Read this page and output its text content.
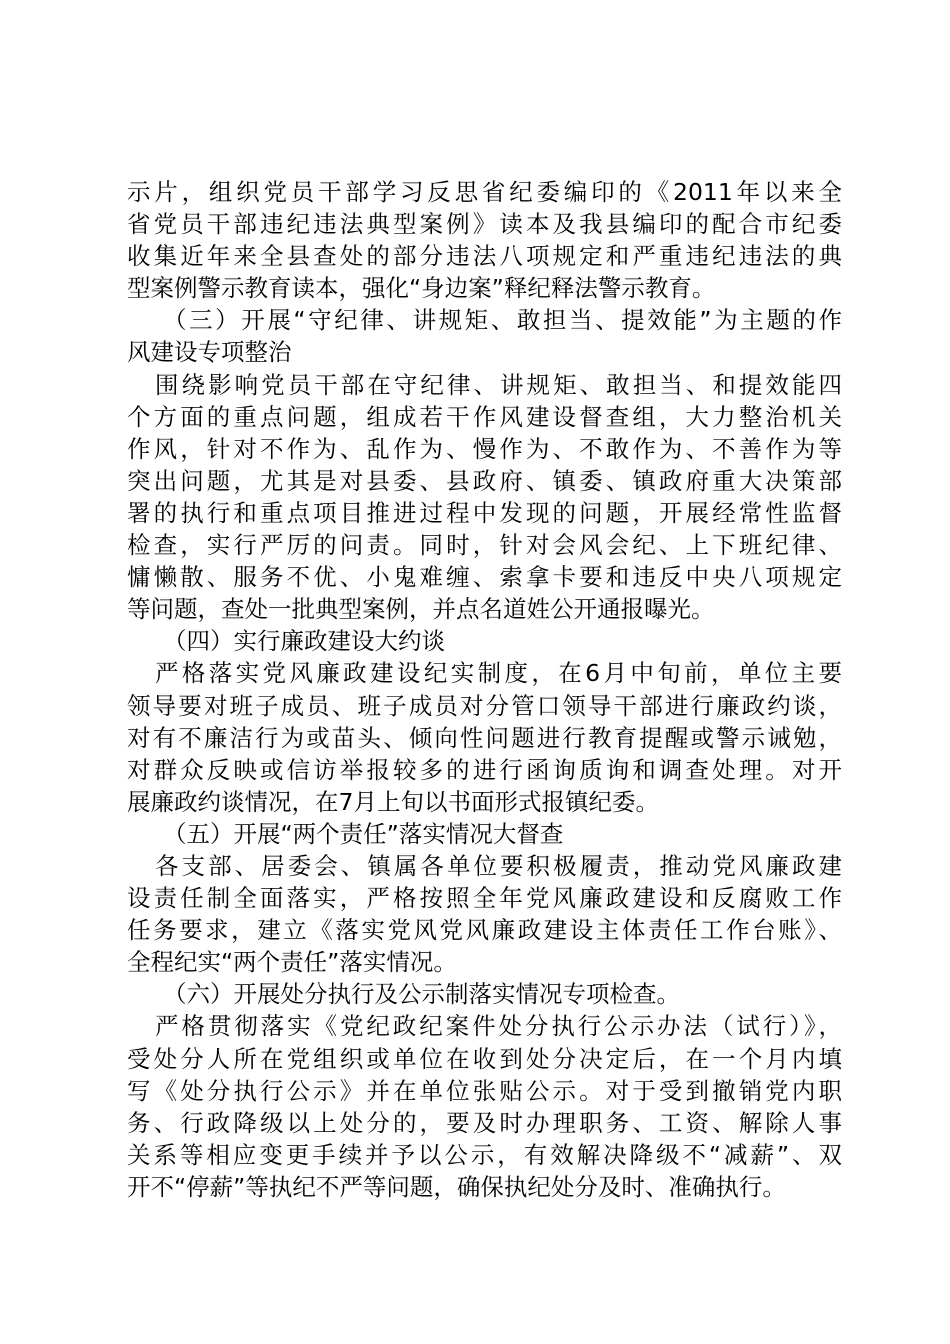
示片，组织党员干部学习反思省纪委编印的《2011年以来全
省党员干部违纪违法典型案例》读本及我县编印的配合市纪委
收集近年来全县查处的部分违法八项规定和严重违纪违法的典
型案例警示教育读本，强化“身边案”释纪释法警示教育。
（三）开展“守纪律、讲规矩、敢担当、提效能”为主题的作
风建设专项整治
围绕影响党员干部在守纪律、讲规矩、敢担当、和提效能四
个方面的重点问题，组成若干作风建设督查组，大力整治机关
作风，针对不作为、乱作为、慢作为、不敢作为、不善作为等
突出问题，尤其是对县委、县政府、镇委、镇政府重大决策部
署的执行和重点项目推进过程中发现的问题，开展经常性监督
检查，实行严厉的问责。同时，针对会风会纪、上下班纪律、
慵懒散、服务不优、小鬼难缠、索拿卡要和违反中央八项规定
等问题，查处一批典型案例，并点名道姓公开通报曝光。
（四）实行廉政建设大约谈
严格落实党风廉政建设纪实制度，在6月中旬前，单位主要
领导要对班子成员、班子成员对分管口领导干部进行廉政约谈，
对有不廉洁行为或苗头、倾向性问题进行教育提醒或警示诫勉，
对群众反映或信访举报较多的进行函询质询和调查处理。对开
展廉政约谈情况，在7月上旬以书面形式报镇纪委。
（五）开展“两个责任”落实情况大督查
各支部、居委会、镇属各单位要积极履责，推动党风廉政建
设责任制全面落实，严格按照全年党风廉政建设和反腐败工作
任务要求，建立《落实党风党风廉政建设主体责任工作台账》、
全程纪实“两个责任”落实情况。
（六）开展处分执行及公示制落实情况专项检查。
严格贯彻落实《党纪政纪案件处分执行公示办法（试行）》，
受处分人所在党组织或单位在收到处分决定后，在一个月内填
写《处分执行公示》并在单位张贴公示。对于受到撤销党内职
务、行政降级以上处分的，要及时办理职务、工资、解除人事
关系等相应变更手续并予以公示，有效解决降级不“减薪”、双
开不“停薪”等执纪不严等问题，确保执纪处分及时、准确执行。
